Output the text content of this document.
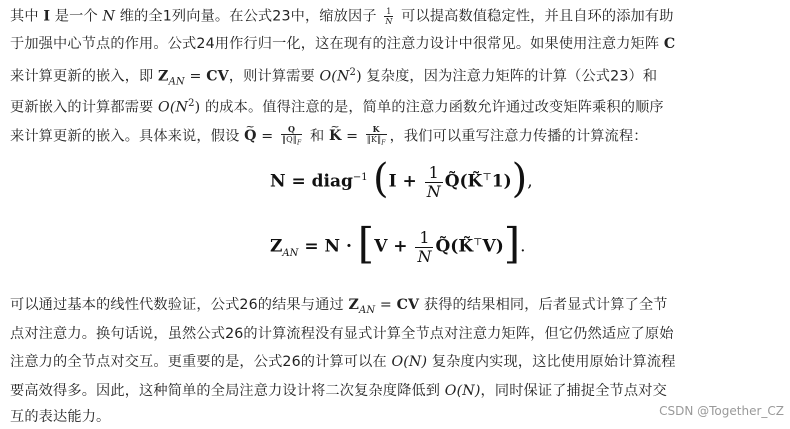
其中 I 是一个 N 维的全1列向量。在公式23中，缩放因子 $\frac{1}{N}$ 可以提高数值稳定性，并且自环的添加有助
于加强中心节点的作用。公式24用作行归一化，这在现有的注意力设计中很常见。如果使用注意力矩阵 C
来计算更新的嵌入，即 $Z_{AN}$ = CV，则计算需要 $O(N^2)$ 复杂度，因为注意力矩阵的计算（公式23）和
更新嵌入的计算都需要 $O(N^2)$ 的成本。值得注意的是，简单的注意力函数允许通过改变矩阵乘积的顺序
来计算更新的嵌入。具体来说，假设 ~ $Q = \frac{Q}{‖Q‖_F}$ 和 ~ $K = \frac{K}{‖K‖_F}$ ，我们可以重写注意力传播的计算流程：
N = diag$^{-1}$ ($I + \frac{1}{N}$ Q̃(K̃⊤1)),
$Z_{AN} = N \cdot [V + \frac{1}{N}$ Q̃(K̃⊤V)].
可以通过基本的线性代数验证，公式26的结果与通过 $Z_{AN}$ = CV 获得的结果相同，后者显式计算了全节
点对注意力。换句话说，虽然公式26的计算流程没有显式计算全节点对注意力矩阵，但它仍然适应了原始
注意力的全节点对交互。更重要的是，公式26的计算可以在 O(N) 复杂度内实现，这比使用原始计算流程
要高效得多。因此，这种简单的全局注意力设计将二次复杂度降低到 O(N)，同时保证了捕捉全节点对交
互的表达能力。	CSDN @Together_CZ
